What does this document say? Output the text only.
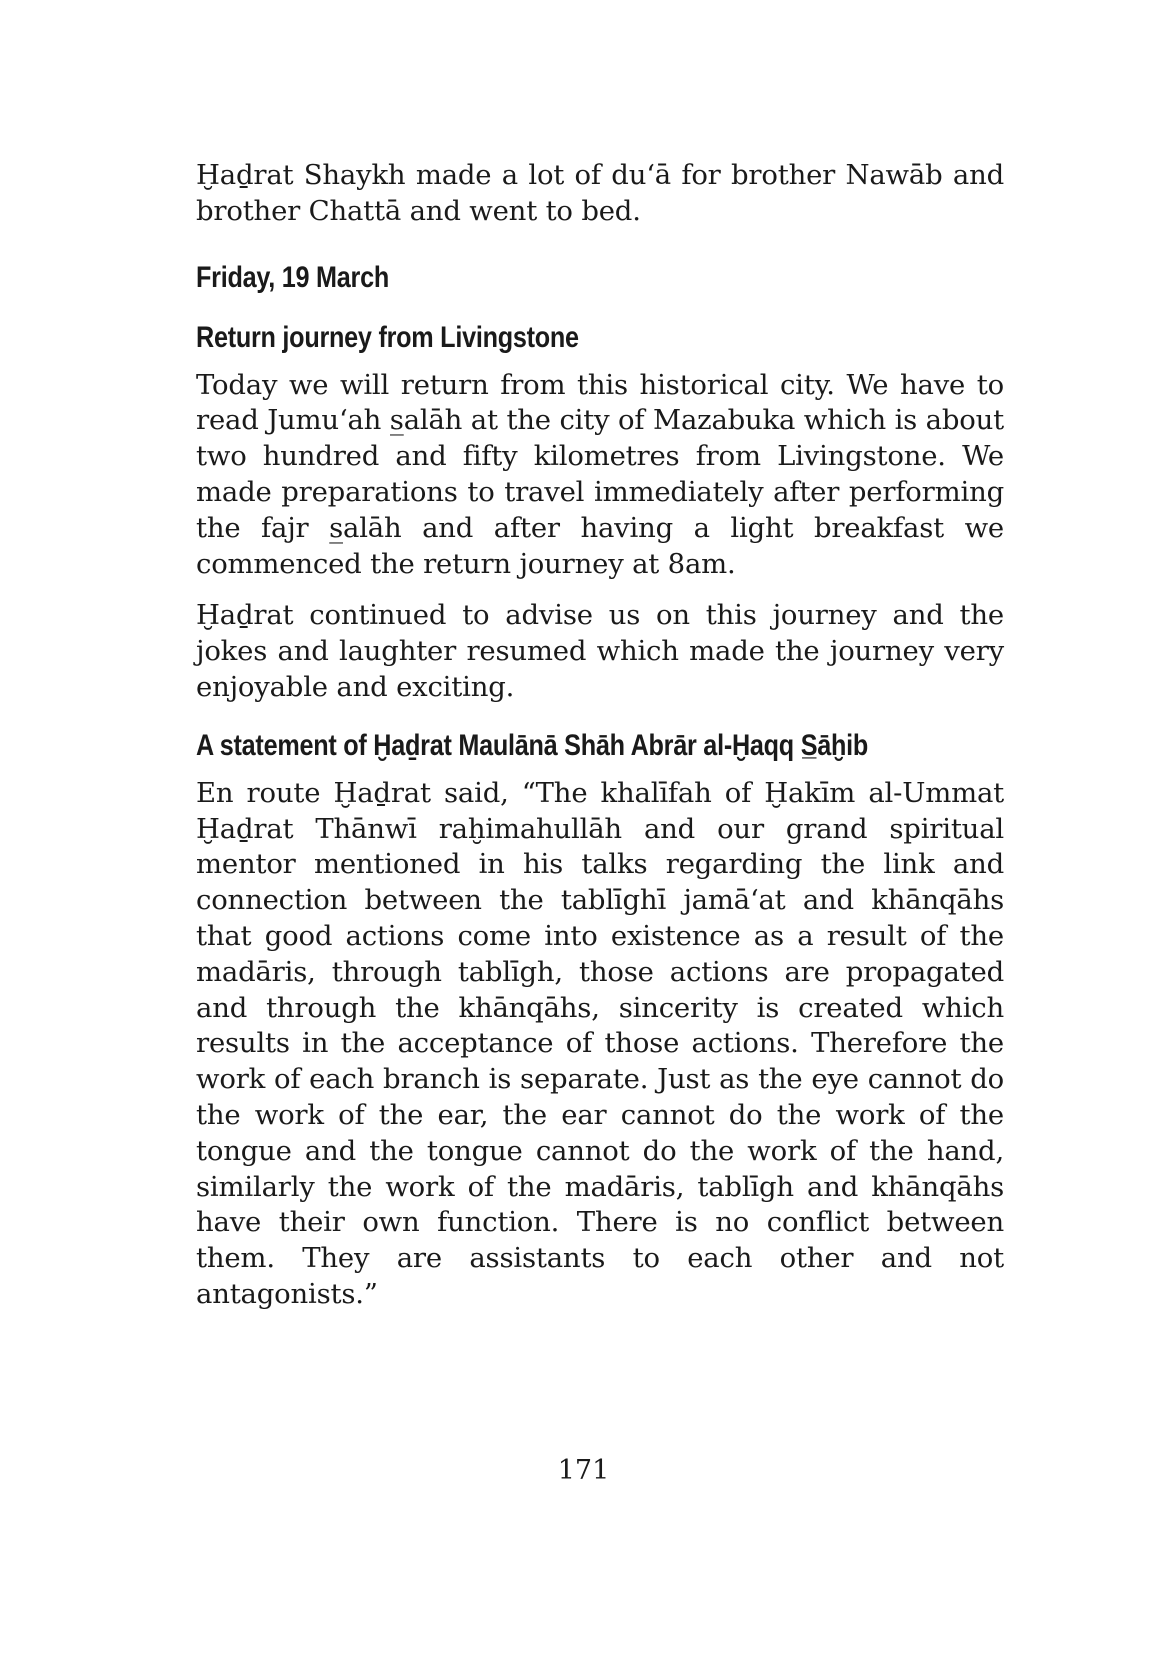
Ḫaḏrat Shaykh made a lot of du‘ā for brother Nawāb and brother Chattā and went to bed.

Friday, 19 March
Return journey from Livingstone

Today we will return from this historical city. We have to read Jumu‘ah s̲alāh at the city of Mazabuka which is about two hundred and fifty kilometres from Livingstone. We made preparations to travel immediately after performing the fajr s̲alāh and after having a light breakfast we commenced the return journey at 8am.

Ḫaḏrat continued to advise us on this journey and the jokes and laughter resumed which made the journey very enjoyable and exciting.

A statement of Ḫaḏrat Maulānā Shāh Abrār al-Ḫaqq S̲āḫib

En route Ḫaḏrat said, “The khalīfah of Ḫakīm al-Ummat Ḫaḏrat Thānwī raḫimahullāh and our grand spiritual mentor mentioned in his talks regarding the link and connection between the tablīghī jamā‘at and khānqāhs that good actions come into existence as a result of the madāris, through tablīgh, those actions are propagated and through the khānqāhs, sincerity is created which results in the acceptance of those actions. Therefore the work of each branch is separate. Just as the eye cannot do the work of the ear, the ear cannot do the work of the tongue and the tongue cannot do the work of the hand, similarly the work of the madāris, tablīgh and khānqāhs have their own function. There is no conflict between them. They are assistants to each other and not antagonists.”

171
